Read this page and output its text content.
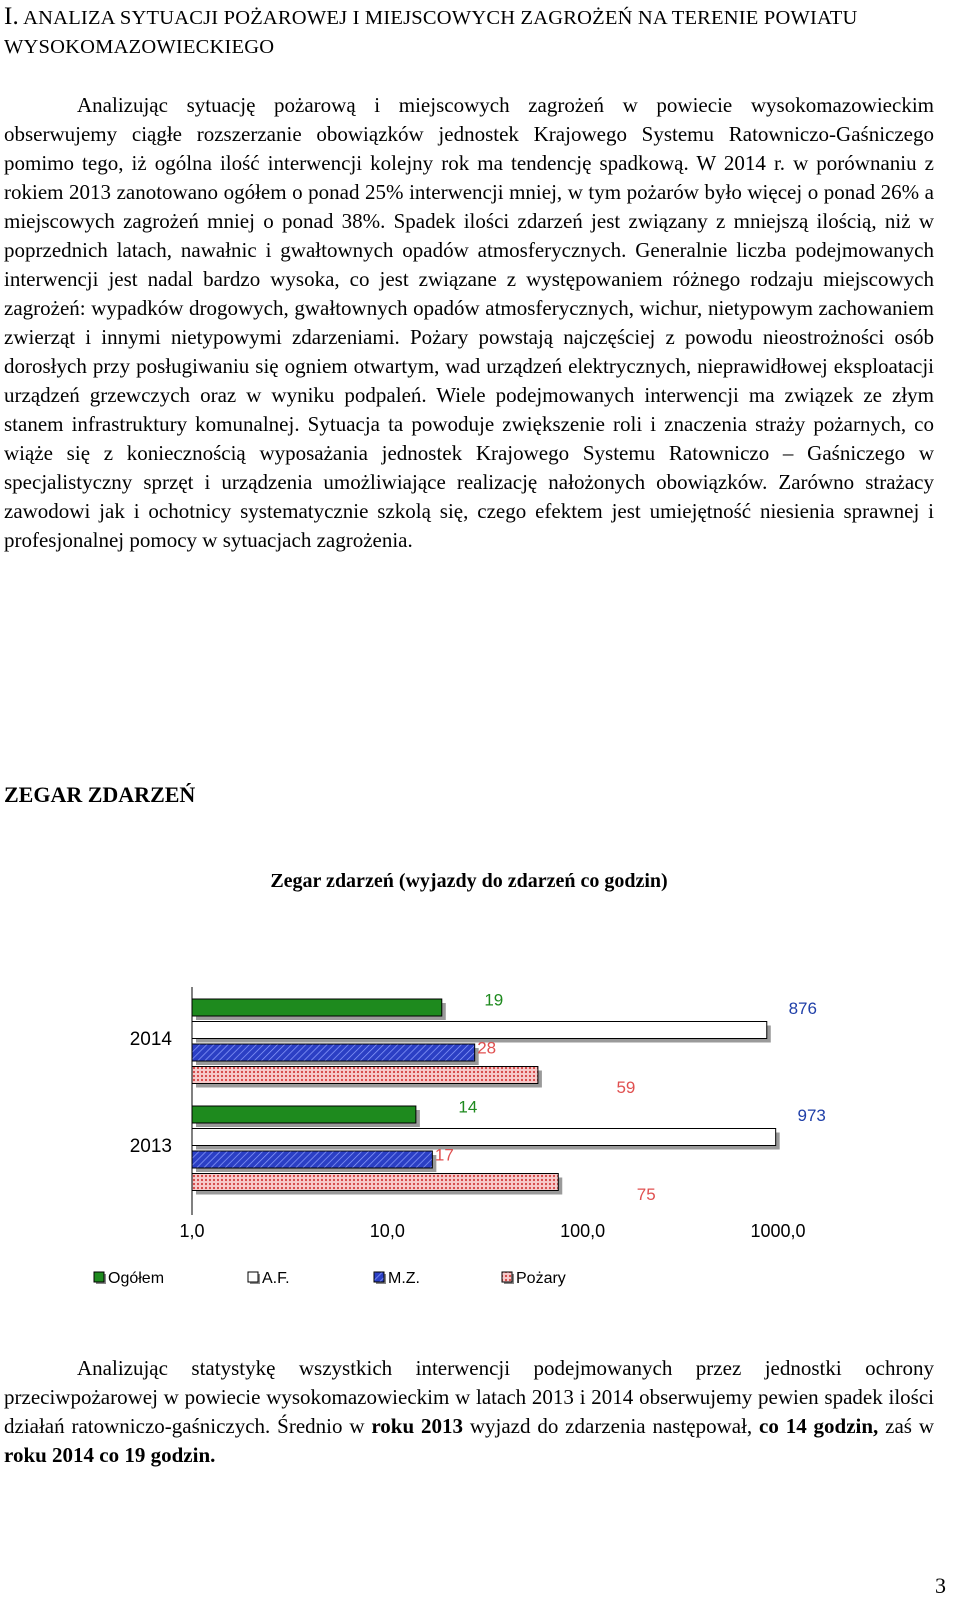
I. ANALIZA SYTUACJI POŻAROWEJ I MIEJSCOWYCH ZAGROŻEŃ NA TERENIE POWIATU WYSOKOMAZOWIECKIEGO

Analizując sytuację pożarową i miejscowych zagrożeń w powiecie wysokomazowieckim obserwujemy ciągłe rozszerzanie obowiązków jednostek Krajowego Systemu Ratowniczo-Gaśniczego pomimo tego, iż ogólna ilość interwencji kolejny rok ma tendencję spadkową. W 2014 r. w porównaniu z rokiem 2013 zanotowano ogółem o ponad 25% interwencji mniej, w tym pożarów było więcej o ponad 26% a miejscowych zagrożeń mniej o ponad 38%. Spadek ilości zdarzeń jest związany z mniejszą ilością, niż w poprzednich latach, nawałnic i gwałtownych opadów atmosferycznych. Generalnie liczba podejmowanych interwencji jest nadal bardzo wysoka, co jest związane z występowaniem różnego rodzaju miejscowych zagrożeń: wypadków drogowych, gwałtownych opadów atmosferycznych, wichur, nietypowym zachowaniem zwierząt i innymi nietypowymi zdarzeniami. Pożary powstają najczęściej z powodu nieostrożności osób dorosłych przy posługiwaniu się ogniem otwartym, wad urządzeń elektrycznych, nieprawidłowej eksploatacji urządzeń grzewczych oraz w wyniku podpaleń. Wiele podejmowanych interwencji ma związek ze złym stanem infrastruktury komunalnej. Sytuacja ta powoduje zwiększenie roli i znaczenia straży pożarnych, co wiąże się z koniecznością wyposażania jednostek Krajowego Systemu Ratowniczo – Gaśniczego w specjalistyczny sprzęt i urządzenia umożliwiające realizację nałożonych obowiązków. Zarówno strażacy zawodowi jak i ochotnicy systematycznie szkolą się, czego efektem jest umiejętność niesienia sprawnej i profesjonalnej pomocy w sytuacjach zagrożenia.

ZEGAR ZDARZEŃ
Zegar zdarzeń (wyjazdy do zdarzeń co godzin)
2014
19	876
28
59
2013
14	973
17
75
1,0	10,0	100,0	1000,0
Ogółem	A.F.	M.Z.	Pożary

Analizując statystykę wszystkich interwencji podejmowanych przez jednostki ochrony przeciwpożarowej w powiecie wysokomazowieckim w latach 2013 i 2014 obserwujemy pewien spadek ilości działań ratowniczo-gaśniczych. Średnio w roku 2013 wyjazd do zdarzenia następował, co 14 godzin, zaś w roku 2014 co 19 godzin.

3
